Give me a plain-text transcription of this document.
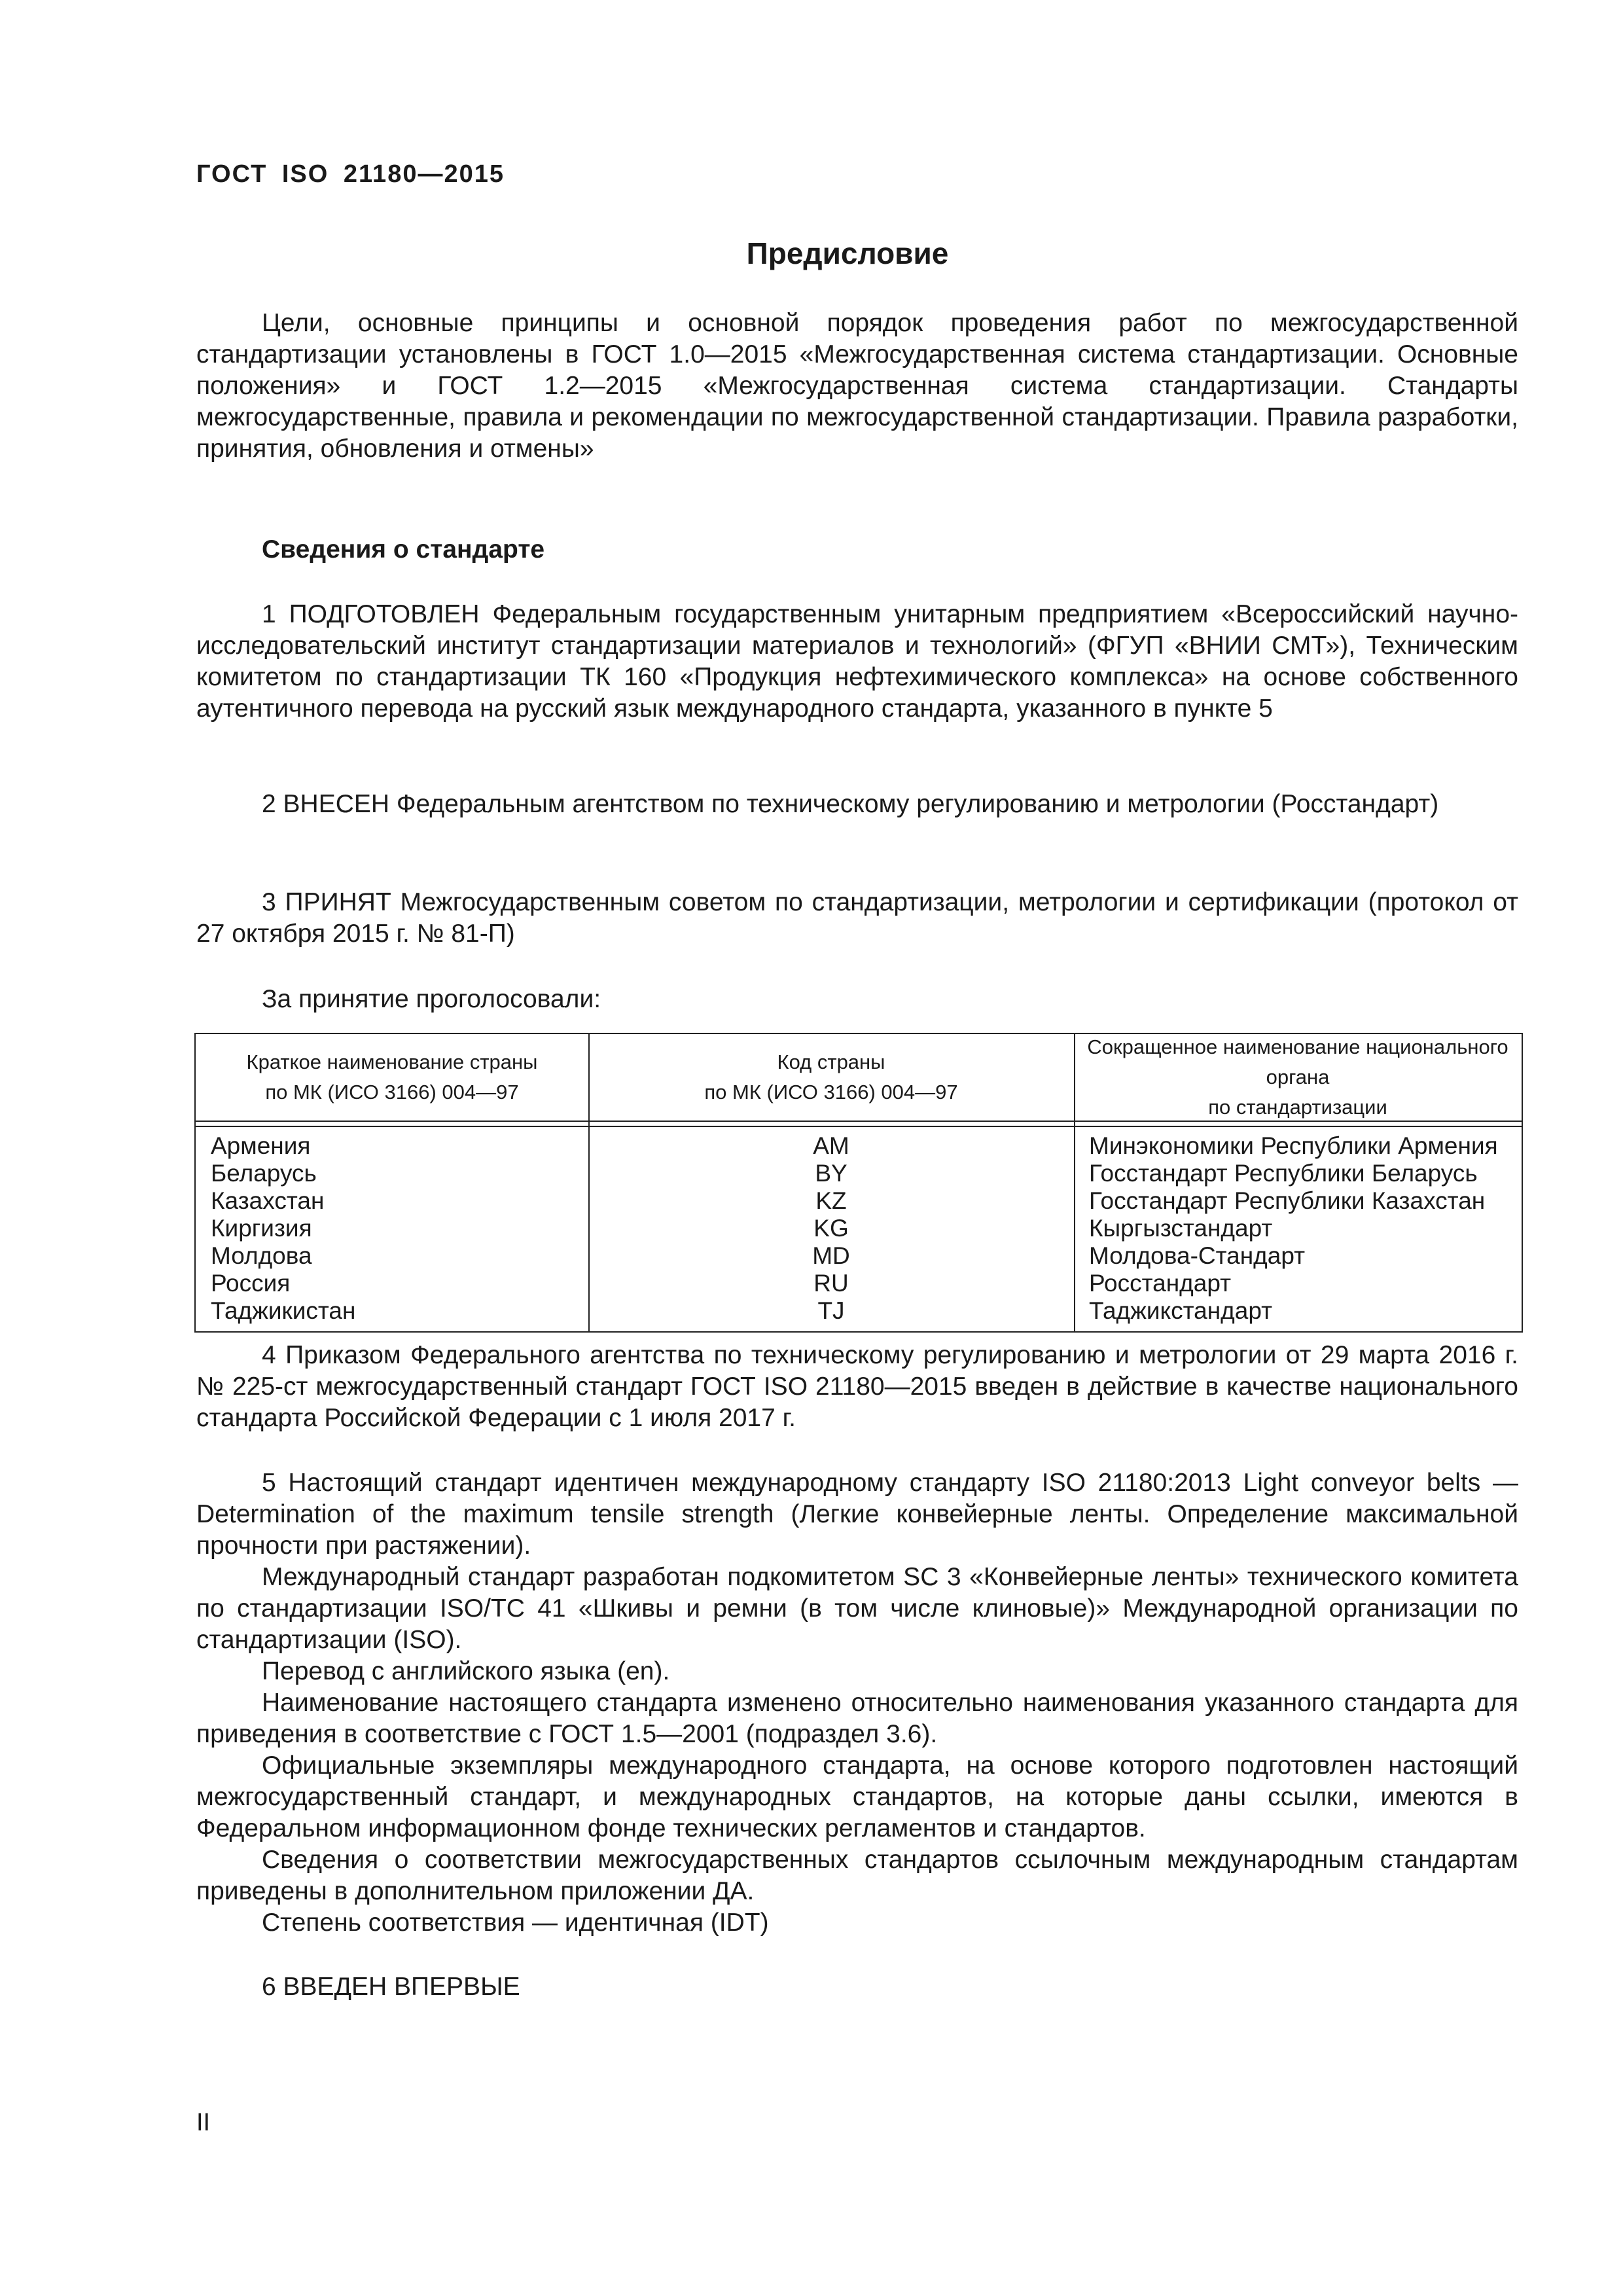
ГОСТ ISO 21180—2015
Предисловие
Цели, основные принципы и основной порядок проведения работ по межгосударственной стандартизации установлены в ГОСТ 1.0—2015 «Межгосударственная система стандартизации. Основные положения» и ГОСТ 1.2—2015 «Межгосударственная система стандартизации. Стандарты межгосударственные, правила и рекомендации по межгосударственной стандартизации. Правила разработки, принятия, обновления и отмены»
Сведения о стандарте
1 ПОДГОТОВЛЕН Федеральным государственным унитарным предприятием «Всероссийский научно-исследовательский институт стандартизации материалов и технологий» (ФГУП «ВНИИ СМТ»), Техническим комитетом по стандартизации ТК 160 «Продукция нефтехимического комплекса» на основе собственного аутентичного перевода на русский язык международного стандарта, указанного в пункте 5
2 ВНЕСЕН Федеральным агентством по техническому регулированию и метрологии (Росстандарт)
3 ПРИНЯТ Межгосударственным советом по стандартизации, метрологии и сертификации (протокол от 27 октября 2015 г. № 81-П)
За принятие проголосовали:
Краткое наименование страны
по МК (ИСО 3166) 004—97
Код страны
по МК (ИСО 3166) 004—97
Сокращенное наименование национального органа
по стандартизации
Армения
Беларусь
Казахстан
Киргизия
Молдова
Россия
Таджикистан
AM
BY
KZ
KG
MD
RU
TJ
Минэкономики Республики Армения
Госстандарт Республики Беларусь
Госстандарт Республики Казахстан
Кыргызстандарт
Молдова-Стандарт
Росстандарт
Таджикстандарт
4 Приказом Федерального агентства по техническому регулированию и метрологии от 29 марта 2016 г. № 225-ст межгосударственный стандарт ГОСТ ISO 21180—2015 введен в действие в качестве национального стандарта Российской Федерации с 1 июля 2017 г.
5 Настоящий стандарт идентичен международному стандарту ISO 21180:2013 Light conveyor belts — Determination of the maximum tensile strength (Легкие конвейерные ленты. Определение максимальной прочности при растяжении).
Международный стандарт разработан подкомитетом SC 3 «Конвейерные ленты» технического комитета по стандартизации ISO/TC 41 «Шкивы и ремни (в том числе клиновые)» Международной организации по стандартизации (ISO).
Перевод с английского языка (en).
Наименование настоящего стандарта изменено относительно наименования указанного стандарта для приведения в соответствие с ГОСТ 1.5—2001 (подраздел 3.6).
Официальные экземпляры международного стандарта, на основе которого подготовлен настоящий межгосударственный стандарт, и международных стандартов, на которые даны ссылки, имеются в Федеральном информационном фонде технических регламентов и стандартов.
Сведения о соответствии межгосударственных стандартов ссылочным международным стандартам приведены в дополнительном приложении ДА.
Степень соответствия — идентичная (IDT)
6 ВВЕДЕН ВПЕРВЫЕ
II
